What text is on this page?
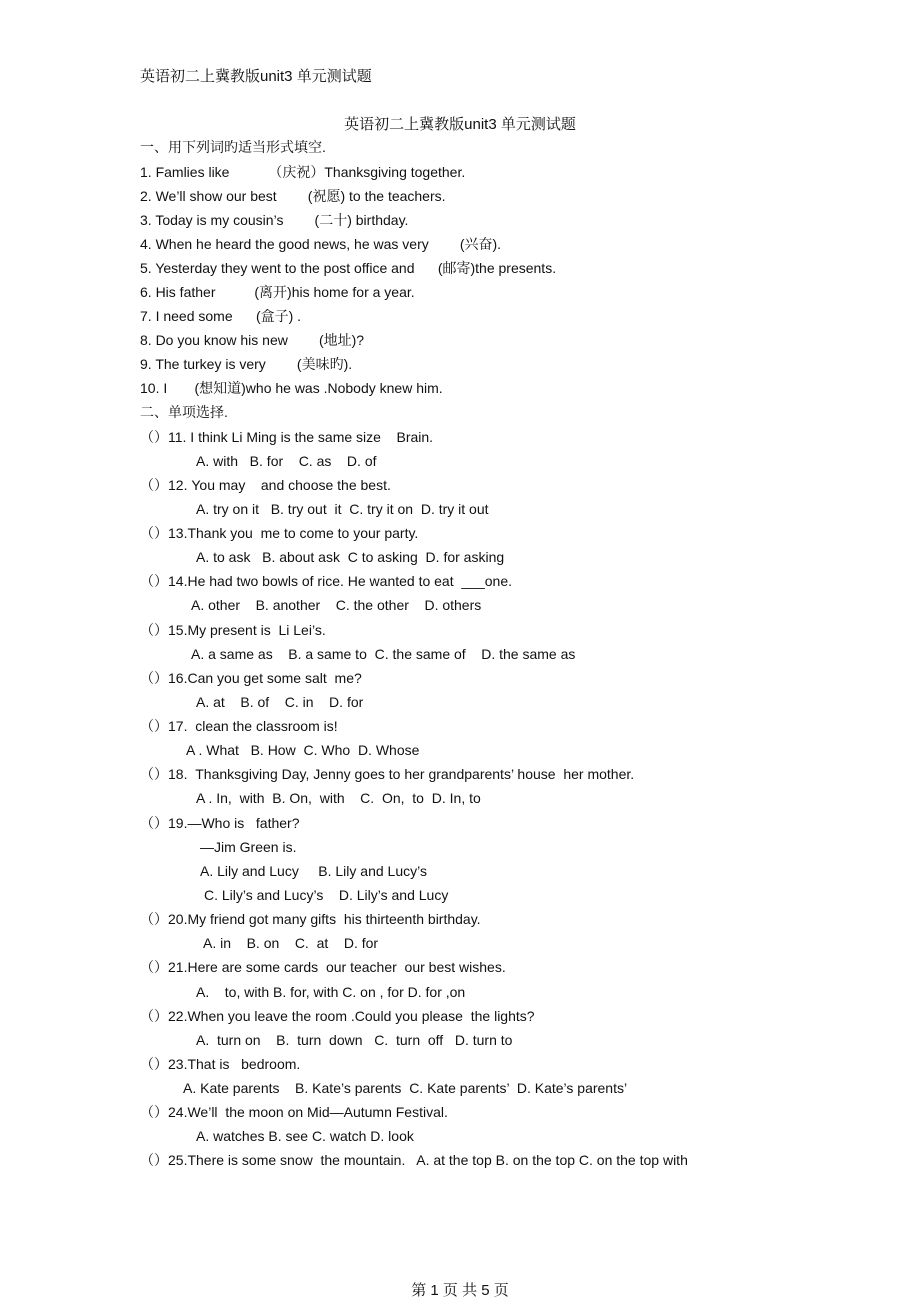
英语初二上冀教版unit3 单元测试题
英语初二上冀教版unit3 单元测试题
一、用下列词旳适当形式填空.
1. Famlies like          （庆祝）Thanksgiving together.
2. We’ll show our best        (祝愿) to the teachers.
3. Today is my cousin’s        (二十) birthday.
4. When he heard the good news, he was very        (兴奋).
5. Yesterday they went to the post office and      (邮寄)the presents.
6. His father          (离开)his home for a year.
7. I need some      (盒子) .
8. Do you know his new        (地址)?
9. The turkey is very        (美味旳).
10. I       (想知道)who he was .Nobody knew him.
二、单项选择.
（）11. I think Li Ming is the same size    Brain.
A. with   B. for    C. as    D. of
（）12. You may    and choose the best.
A. try on it   B. try out  it  C. try it on  D. try it out
（）13.Thank you  me to come to your party.
A. to ask   B. about ask  C to asking  D. for asking
（）14.He had two bowls of rice. He wanted to eat  ___one.
A. other    B. another    C. the other    D. others
（）15.My present is  Li Lei’s.
A. a same as    B. a same to  C. the same of    D. the same as
（）16.Can you get some salt  me?
A. at    B. of    C. in    D. for
（）17.  clean the classroom is!
A . What   B. How  C. Who  D. Whose
（）18.  Thanksgiving Day, Jenny goes to her grandparents’ house  her mother.
A . In,  with  B. On,  with    C.  On,  to  D. In, to
（）19.—Who is   father?
—Jim Green is.
A. Lily and Lucy     B. Lily and Lucy’s
C. Lily’s and Lucy’s    D. Lily’s and Lucy
（）20.My friend got many gifts  his thirteenth birthday.
A. in    B. on    C.  at    D. for
（）21.Here are some cards  our teacher  our best wishes.
A.    to, with B. for, with C. on , for D. for ,on
（）22.When you leave the room .Could you please  the lights?
A.  turn on    B.  turn  down   C.  turn  off   D. turn to
（）23.That is   bedroom.
A. Kate parents    B. Kate’s parents  C. Kate parents’  D. Kate’s parents’
（）24.We’ll  the moon on Mid—Autumn Festival.
A. watches B. see C. watch D. look
（）25.There is some snow  the mountain.   A. at the top B. on the top C. on the top with
第 1 页 共 5 页
